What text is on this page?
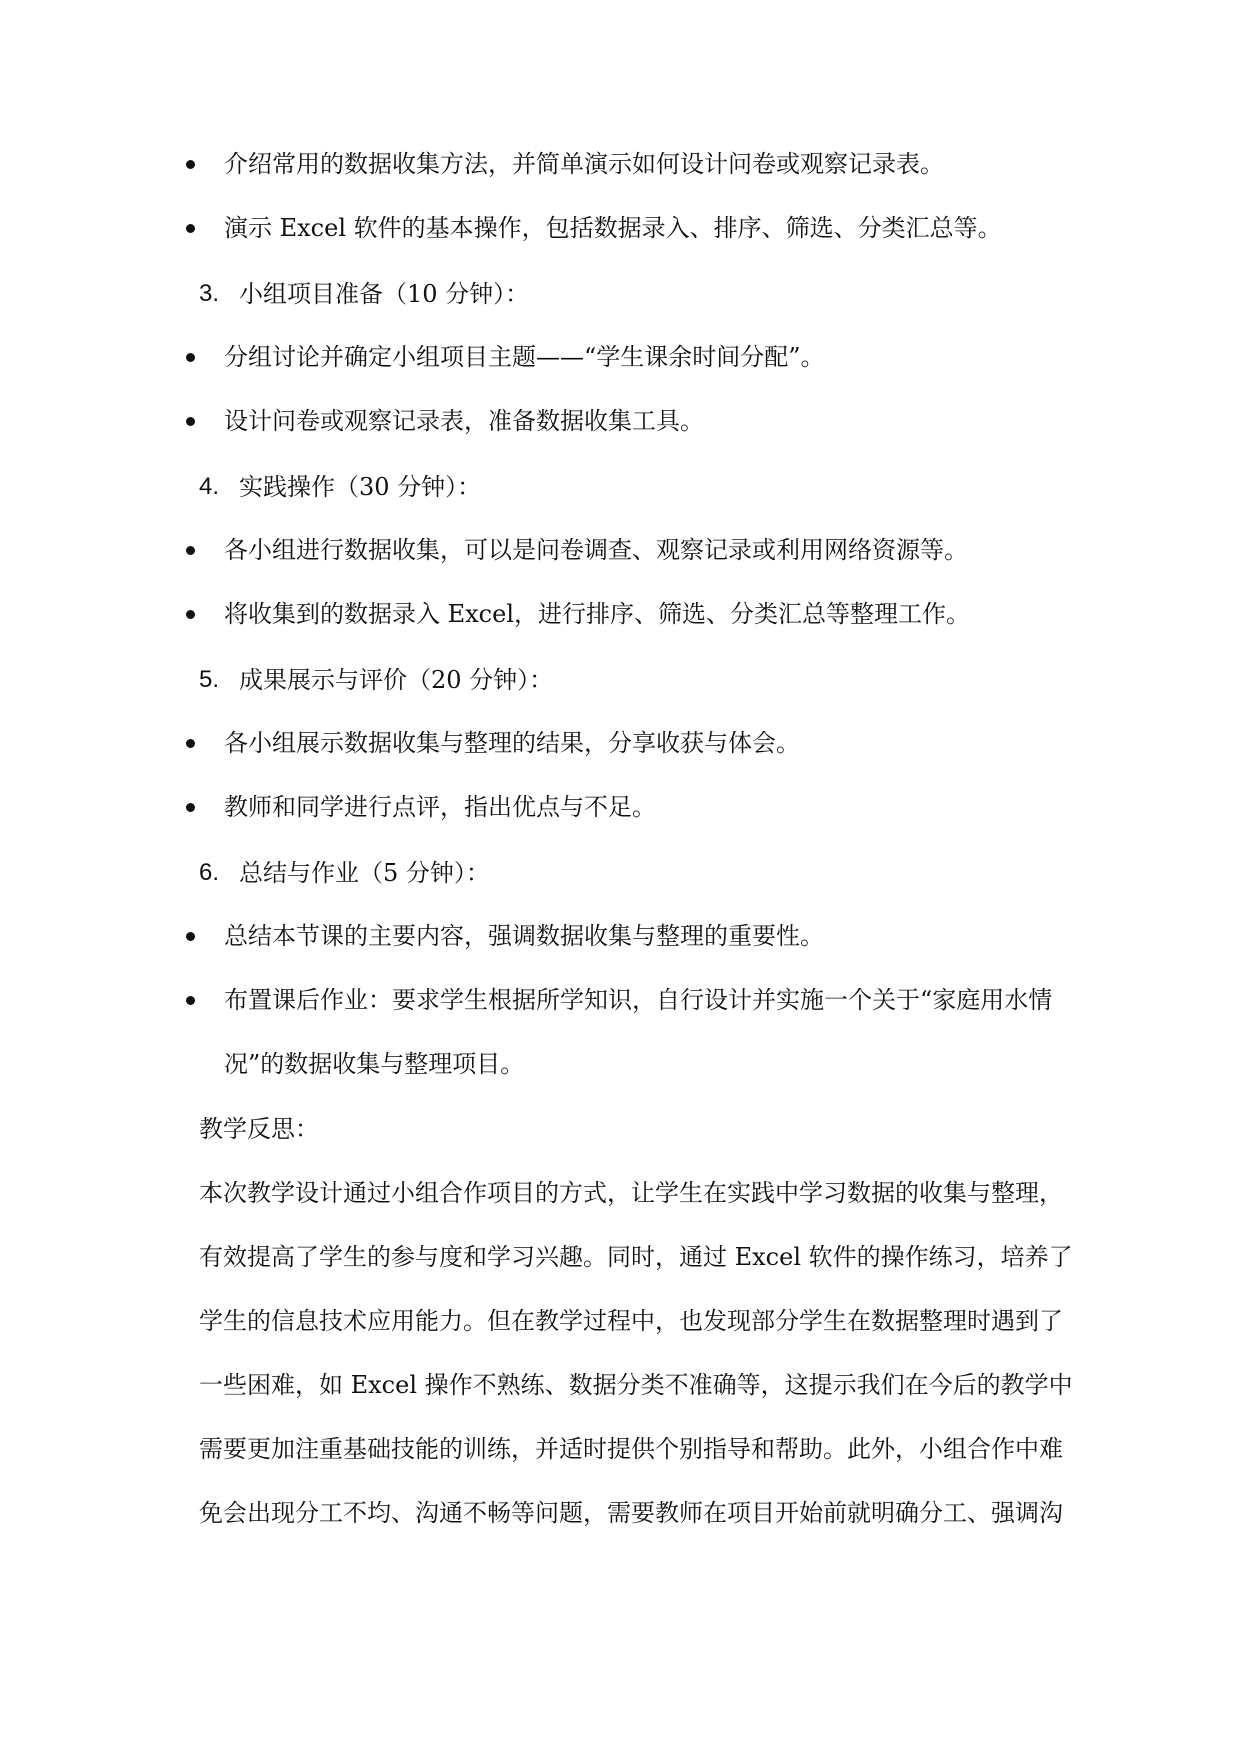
介绍常用的数据收集方法，并简单演示如何设计问卷或观察记录表。
演示 Excel 软件的基本操作，包括数据录入、排序、筛选、分类汇总等。
3. 小组项目准备（10 分钟）：
分组讨论并确定小组项目主题——“学生课余时间分配”。
设计问卷或观察记录表，准备数据收集工具。
4. 实践操作（30 分钟）：
各小组进行数据收集，可以是问卷调查、观察记录或利用网络资源等。
将收集到的数据录入 Excel，进行排序、筛选、分类汇总等整理工作。
5. 成果展示与评价（20 分钟）：
各小组展示数据收集与整理的结果，分享收获与体会。
教师和同学进行点评，指出优点与不足。
6. 总结与作业（5 分钟）：
总结本节课的主要内容，强调数据收集与整理的重要性。
布置课后作业：要求学生根据所学知识，自行设计并实施一个关于“家庭用水情
况”的数据收集与整理项目。
教学反思：
本次教学设计通过小组合作项目的方式，让学生在实践中学习数据的收集与整理，
有效提高了学生的参与度和学习兴趣。同时，通过 Excel 软件的操作练习，培养了
学生的信息技术应用能力。但在教学过程中，也发现部分学生在数据整理时遇到了
一些困难，如 Excel 操作不熟练、数据分类不准确等，这提示我们在今后的教学中
需要更加注重基础技能的训练，并适时提供个别指导和帮助。此外，小组合作中难
免会出现分工不均、沟通不畅等问题，需要教师在项目开始前就明确分工、强调沟
